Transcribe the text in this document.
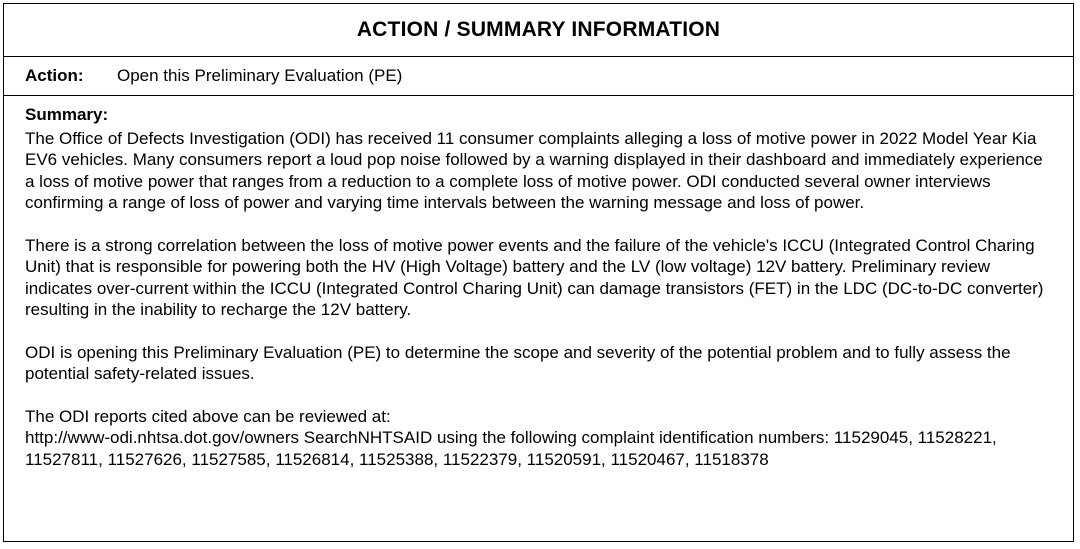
ACTION / SUMMARY INFORMATION
Action:	Open this Preliminary Evaluation (PE)
Summary:

The Office of Defects Investigation (ODI) has received 11 consumer complaints alleging a loss of motive power in 2022 Model Year Kia EV6 vehicles. Many consumers report a loud pop noise followed by a warning displayed in their dashboard and immediately experience a loss of motive power that ranges from a reduction to a complete loss of motive power. ODI conducted several owner interviews confirming a range of loss of power and varying time intervals between the warning message and loss of power.

There is a strong correlation between the loss of motive power events and the failure of the vehicle's ICCU (Integrated Control Charing Unit) that is responsible for powering both the HV (High Voltage) battery and the LV (low voltage) 12V battery. Preliminary review indicates over-current within the ICCU (Integrated Control Charing Unit) can damage transistors (FET) in the LDC (DC-to-DC converter) resulting in the inability to recharge the 12V battery.

ODI is opening this Preliminary Evaluation (PE) to determine the scope and severity of the potential problem and to fully assess the potential safety-related issues.

The ODI reports cited above can be reviewed at:
http://www-odi.nhtsa.dot.gov/owners SearchNHTSAID using the following complaint identification numbers: 11529045, 11528221, 11527811, 11527626, 11527585, 11526814, 11525388, 11522379, 11520591, 11520467, 11518378
